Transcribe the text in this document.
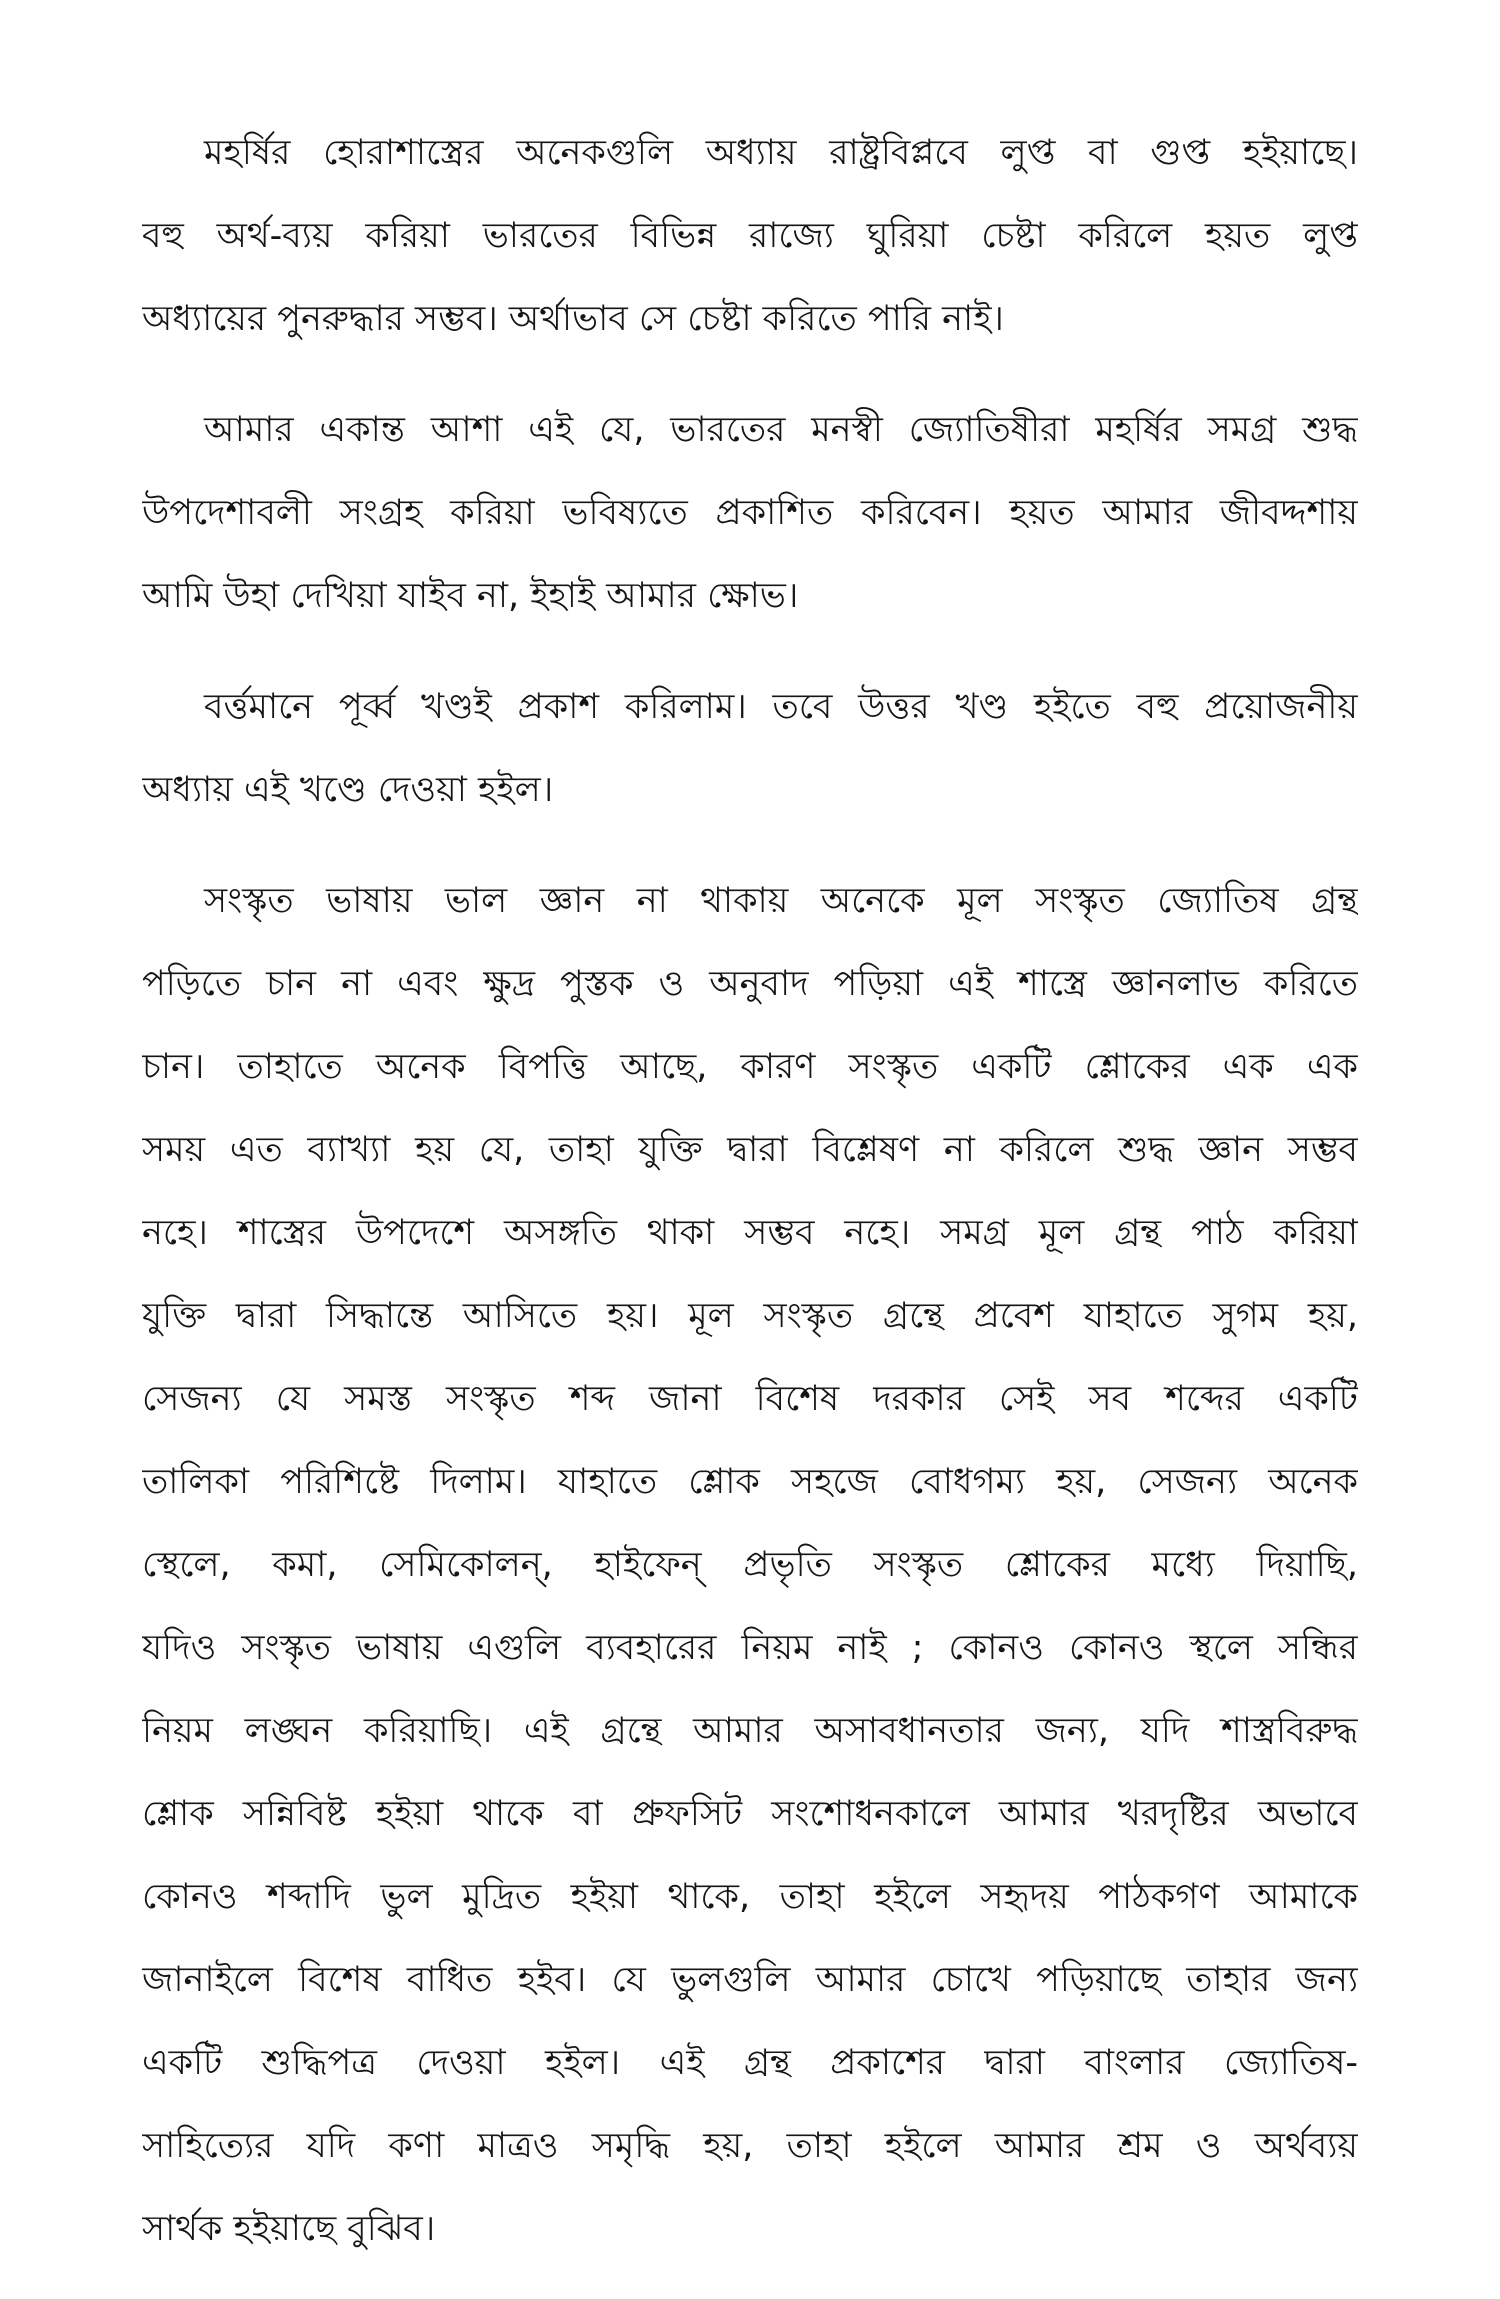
মহর্ষির হোরাশাস্ত্রের অনেকগুলি অধ্যায় রাষ্ট্রবিপ্লবে লুপ্ত বা গুপ্ত হইয়াছে।
বহু অর্থ-ব্যয় করিয়া ভারতের বিভিন্ন রাজ্যে ঘুরিয়া চেষ্টা করিলে হয়ত লুপ্ত
অধ্যায়ের পুনরুদ্ধার সম্ভব। অর্থাভাব সে চেষ্টা করিতে পারি নাই।
আমার একান্ত আশা এই যে, ভারতের মনস্বী জ্যোতিষীরা মহর্ষির সমগ্র শুদ্ধ
উপদেশাবলী সংগ্রহ করিয়া ভবিষ্যতে প্রকাশিত করিবেন। হয়ত আমার জীবদ্দশায়
আমি উহা দেখিয়া যাইব না, ইহাই আমার ক্ষোভ।
বর্ত্তমানে পূর্ব্ব খণ্ডই প্রকাশ করিলাম। তবে উত্তর খণ্ড হইতে বহু প্রয়োজনীয়
অধ্যায় এই খণ্ডে দেওয়া হইল।
সংস্কৃত ভাষায় ভাল জ্ঞান না থাকায় অনেকে মূল সংস্কৃত জ্যোতিষ গ্রন্থ
পড়িতে চান না এবং ক্ষুদ্র পুস্তক ও অনুবাদ পড়িয়া এই শাস্ত্রে জ্ঞানলাভ করিতে
চান। তাহাতে অনেক বিপত্তি আছে, কারণ সংস্কৃত একটি শ্লোকের এক এক
সময় এত ব্যাখ্যা হয় যে, তাহা যুক্তি দ্বারা বিশ্লেষণ না করিলে শুদ্ধ জ্ঞান সম্ভব
নহে। শাস্ত্রের উপদেশে অসঙ্গতি থাকা সম্ভব নহে। সমগ্র মূল গ্রন্থ পাঠ করিয়া
যুক্তি দ্বারা সিদ্ধান্তে আসিতে হয়। মূল সংস্কৃত গ্রন্থে প্রবেশ যাহাতে সুগম হয়,
সেজন্য যে সমস্ত সংস্কৃত শব্দ জানা বিশেষ দরকার সেই সব শব্দের একটি
তালিকা পরিশিষ্টে দিলাম। যাহাতে শ্লোক সহজে বোধগম্য হয়, সেজন্য অনেক
স্থেলে, কমা, সেমিকোলন্, হাইফেন্ প্রভৃতি সংস্কৃত শ্লোকের মধ্যে দিয়াছি,
যদিও সংস্কৃত ভাষায় এগুলি ব্যবহারের নিয়ম নাই ; কোনও কোনও স্থলে সন্ধির
নিয়ম লঙ্ঘন করিয়াছি। এই গ্রন্থে আমার অসাবধানতার জন্য, যদি শাস্ত্রবিরুদ্ধ
শ্লোক সন্নিবিষ্ট হইয়া থাকে বা প্রুফসিট সংশোধনকালে আমার খরদৃষ্টির অভাবে
কোনও শব্দাদি ভুল মুদ্রিত হইয়া থাকে, তাহা হইলে সহৃদয় পাঠকগণ আমাকে
জানাইলে বিশেষ বাধিত হইব। যে ভুলগুলি আমার চোখে পড়িয়াছে তাহার জন্য
একটি শুদ্ধিপত্র দেওয়া হইল। এই গ্রন্থ প্রকাশের দ্বারা বাংলার জ্যোতিষ-
সাহিত্যের যদি কণা মাত্রও সমৃদ্ধি হয়, তাহা হইলে আমার শ্রম ও অর্থব্যয়
সার্থক হইয়াছে বুঝিব।
